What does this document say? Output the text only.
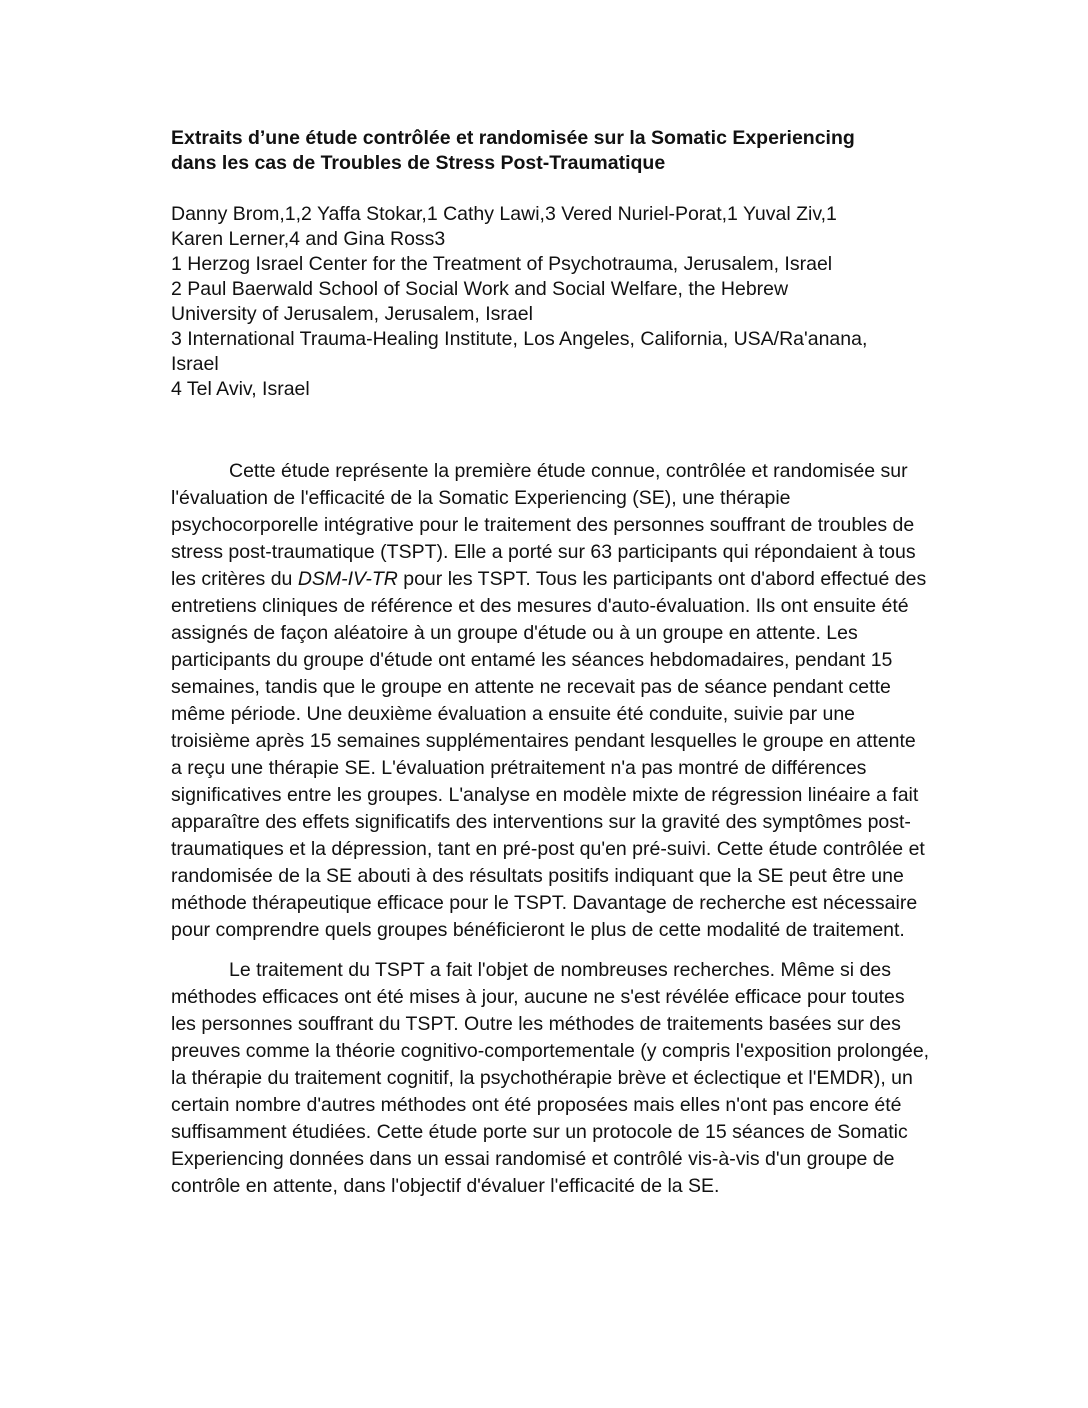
Extraits d’une étude contrôlée et randomisée sur la Somatic Experiencing
dans les cas de Troubles de Stress Post-Traumatique
Danny Brom,1,2 Yaffa Stokar,1 Cathy Lawi,3 Vered Nuriel-Porat,1 Yuval Ziv,1
Karen Lerner,4 and Gina Ross3
1 Herzog Israel Center for the Treatment of Psychotrauma, Jerusalem, Israel
2 Paul Baerwald School of Social Work and Social Welfare, the Hebrew
University of Jerusalem, Jerusalem, Israel
3 International Trauma-Healing Institute, Los Angeles, California, USA/Ra'anana,
Israel
4 Tel Aviv, Israel

Cette étude représente la première étude connue, contrôlée et randomisée sur l'évaluation de l'efficacité de la Somatic Experiencing (SE), une thérapie psychocorporelle intégrative pour le traitement des personnes souffrant de troubles de stress post-traumatique (TSPT). Elle a porté sur 63 participants qui répondaient à tous les critères du DSM-IV-TR pour les TSPT. Tous les participants ont d'abord effectué des entretiens cliniques de référence et des mesures d'auto-évaluation. Ils ont ensuite été assignés de façon aléatoire à un groupe d'étude ou à un groupe en attente. Les participants du groupe d'étude ont entamé les séances hebdomadaires, pendant 15 semaines, tandis que le groupe en attente ne recevait pas de séance pendant cette même période. Une deuxième évaluation a ensuite été conduite, suivie par une troisième après 15 semaines supplémentaires pendant lesquelles le groupe en attente a reçu une thérapie SE. L'évaluation prétraitement n'a pas montré de différences significatives entre les groupes. L'analyse en modèle mixte de régression linéaire a fait apparaître des effets significatifs des interventions sur la gravité des symptômes post-traumatiques et la dépression, tant en pré-post qu'en pré-suivi. Cette étude contrôlée et randomisée de la SE abouti à des résultats positifs indiquant que la SE peut être une méthode thérapeutique efficace pour le TSPT. Davantage de recherche est nécessaire pour comprendre quels groupes bénéficieront le plus de cette modalité de traitement.

Le traitement du TSPT a fait l'objet de nombreuses recherches. Même si des méthodes efficaces ont été mises à jour, aucune ne s'est révélée efficace pour toutes les personnes souffrant du TSPT. Outre les méthodes de traitements basées sur des preuves comme la théorie cognitivo-comportementale (y compris l'exposition prolongée, la thérapie du traitement cognitif, la psychothérapie brève et éclectique et l'EMDR), un certain nombre d'autres méthodes ont été proposées mais elles n'ont pas encore été suffisamment étudiées. Cette étude porte sur un protocole de 15 séances de Somatic Experiencing données dans un essai randomisé et contrôlé vis-à-vis d'un groupe de contrôle en attente, dans l'objectif d'évaluer l'efficacité de la SE.
